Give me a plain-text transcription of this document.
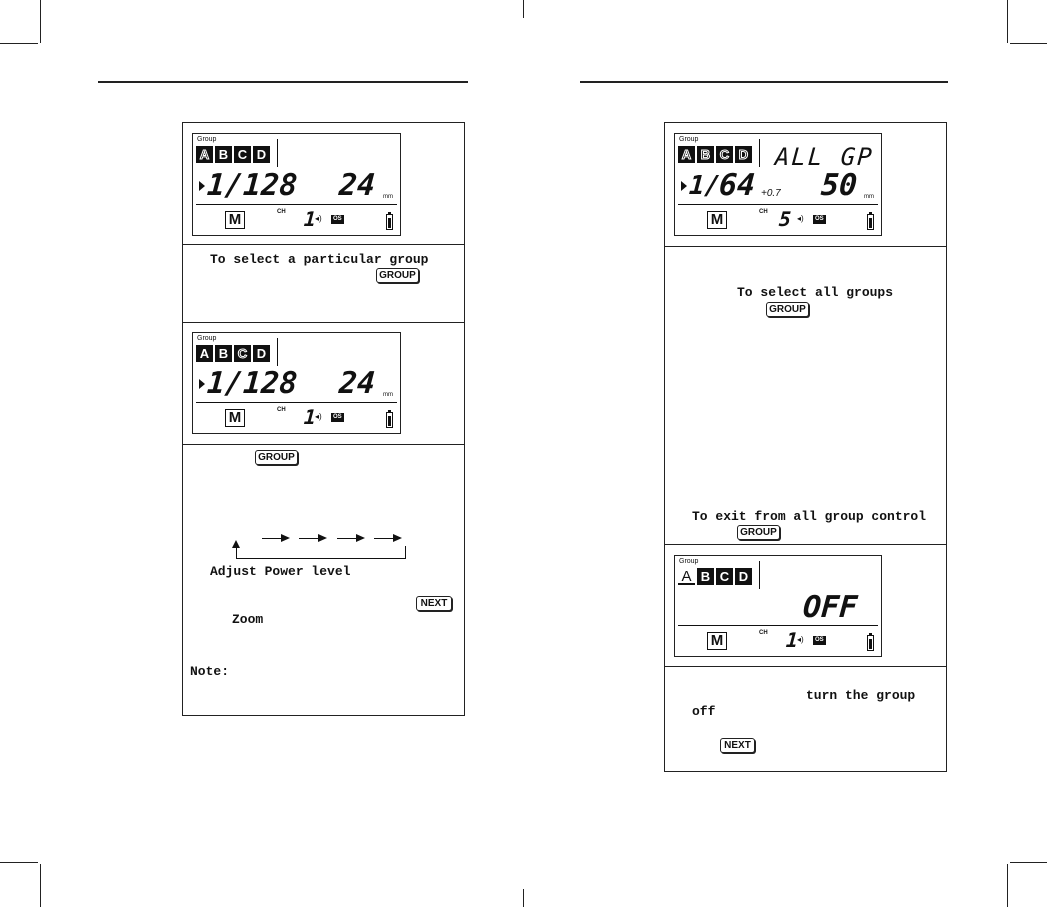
Group
A B C D
1/128 24 mm
M	CH 1
◂)	OS
To select a particular group
GROUP
Group
A B C D
1/128 24 mm
M	CH 1
◂)	OS
GROUP
Adjust Power level
NEXT
Zoom
Note:
Group
A B C D ALL GP
1/
64 +0.7 50 mm
M	CH 5 ◂)	OS
To select all groups
GROUP
To exit from all group control
GROUP
Group
A B C D
OFF
M	CH 1
◂)	OS
turn the group
off
NEXT
